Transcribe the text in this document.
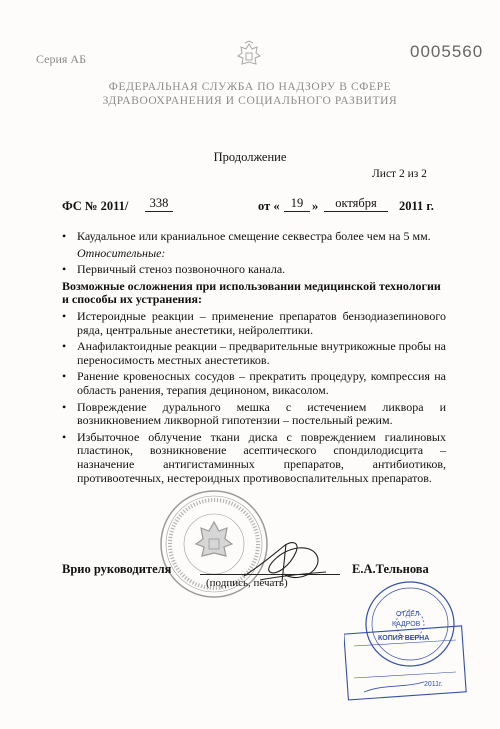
Серия АБ	0005560
ФЕДЕРАЛЬНАЯ СЛУЖБА ПО НАДЗОРУ В СФЕРЕ
ЗДРАВООХРАНЕНИЯ И СОЦИАЛЬНОГО РАЗВИТИЯ
Продолжение
Лист 2 из 2
ФС № 2011/	338	от « 19 »	октября	2011 г.

• Каудальное или краниальное смещение секвестра более чем на 5 мм.

Относительные:

• Первичный стеноз позвоночного канала.

Возможные осложнения при использовании медицинской технологии и способы их устранения:

• Истероидные реакции – применение препаратов бензодиазепинового ряда, центральные анестетики, нейролептики.

• Анафилактоидные реакции – предварительные внутрикожные пробы на переносимость местных анестетиков.

• Ранение кровеносных сосудов – прекратить процедуру, компрессия на область ранения, терапия дециноном, викасолом.

• Повреждение дурального мешка с истечением ликвора и возникновением ликворной гипотензии – постельный режим.

• Избыточное облучение ткани диска с повреждением гиалиновых пластинок, возникновение асептического спондилодисцита – назначение антигистаминных препаратов, антибиотиков, противоотечных, нестероидных противовоспалительных препаратов.

Врио руководителя
(подпись, печать)
Е.А.Тельнова
ОТДЕЛ
КАДРОВ
КОПИЯ ВЕРНА
2011г.
